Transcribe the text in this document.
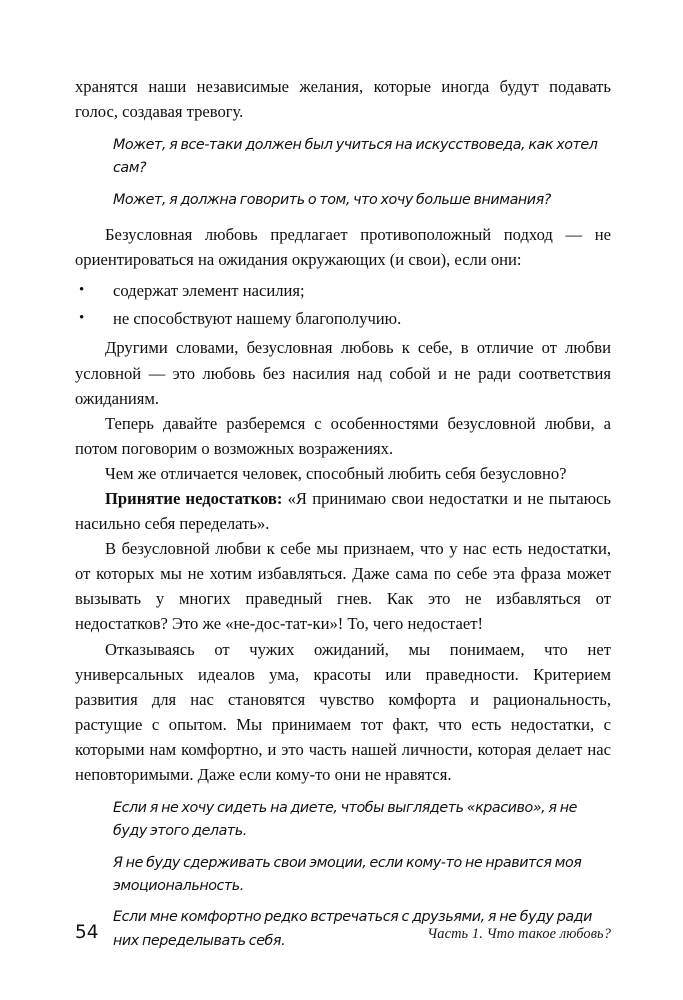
хранятся наши независимые желания, которые иногда будут подавать голос, создавая тревогу.

Может, я все-таки должен был учиться на искусствоведа, как хотел сам?

Может, я должна говорить о том, что хочу больше внимания?

Безусловная любовь предлагает противоположный подход — не ориентироваться на ожидания окружающих (и свои), если они:

• содержат элемент насилия;
• не способствуют нашему благополучию.

Другими словами, безусловная любовь к себе, в отличие от любви условной — это любовь без насилия над собой и не ради соответствия ожиданиям.

Теперь давайте разберемся с особенностями безусловной любви, а потом поговорим о возможных возражениях.

Чем же отличается человек, способный любить себя безусловно?

Принятие недостатков: «Я принимаю свои недостатки и не пытаюсь насильно себя переделать».

В безусловной любви к себе мы признаем, что у нас есть недостатки, от которых мы не хотим избавляться. Даже сама по себе эта фраза может вызывать у многих праведный гнев. Как это не избавляться от недостатков? Это же «не-дос-тат-ки»! То, чего недостает!

Отказываясь от чужих ожиданий, мы понимаем, что нет универсальных идеалов ума, красоты или праведности. Критерием развития для нас становятся чувство комфорта и рациональность, растущие с опытом. Мы принимаем тот факт, что есть недостатки, с которыми нам комфортно, и это часть нашей личности, которая делает нас неповторимыми. Даже если кому-то они не нравятся.

Если я не хочу сидеть на диете, чтобы выглядеть «красиво», я не буду этого делать.

Я не буду сдерживать свои эмоции, если кому-то не нравится моя эмоциональность.

Если мне комфортно редко встречаться с друзьями, я не буду ради них переделывать себя.

54	Часть 1. Что такое любовь?
